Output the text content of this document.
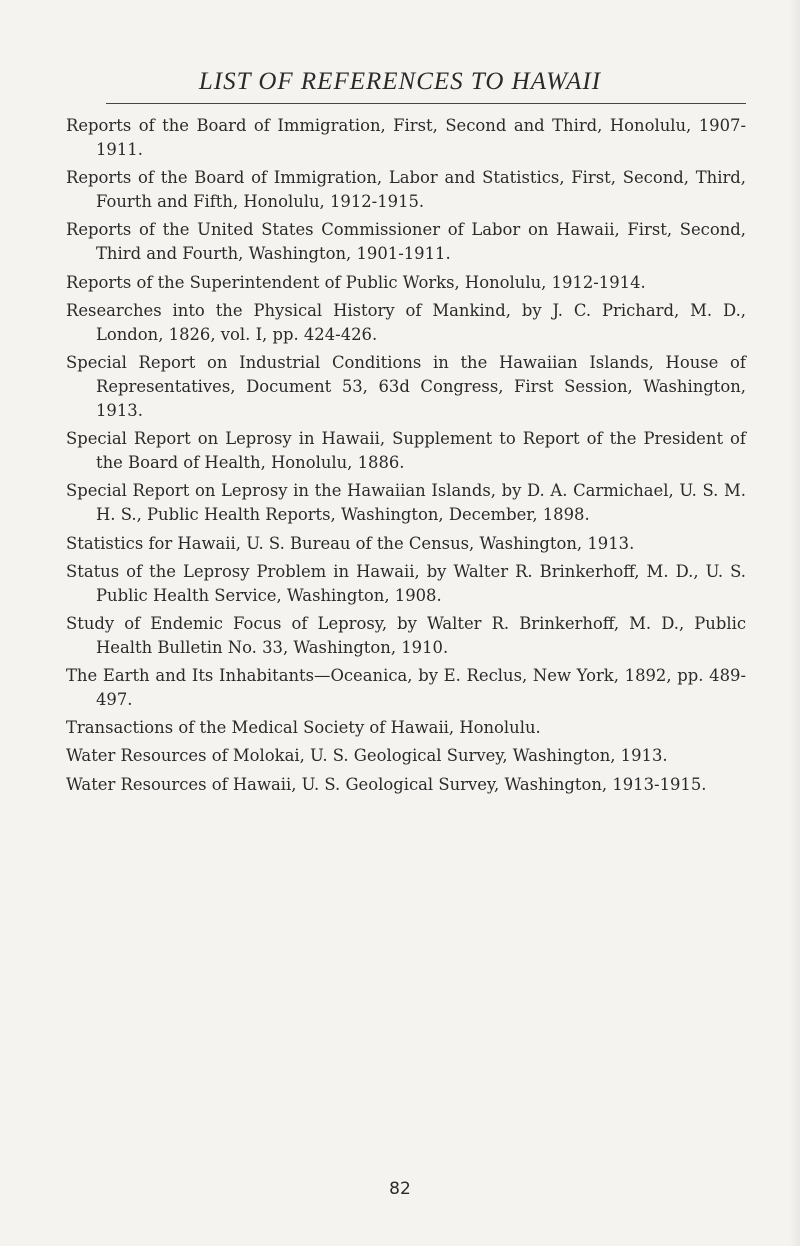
LIST OF REFERENCES TO HAWAII
Reports of the Board of Immigration, First, Second and Third, Honolulu, 1907-1911.
Reports of the Board of Immigration, Labor and Statistics, First, Second, Third, Fourth and Fifth, Honolulu, 1912-1915.
Reports of the United States Commissioner of Labor on Hawaii, First, Second, Third and Fourth, Washington, 1901-1911.
Reports of the Superintendent of Public Works, Honolulu, 1912-1914.
Researches into the Physical History of Mankind, by J. C. Prichard, M. D., London, 1826, vol. I, pp. 424-426.
Special Report on Industrial Conditions in the Hawaiian Islands, House of Representatives, Document 53, 63d Congress, First Session, Washington, 1913.
Special Report on Leprosy in Hawaii, Supplement to Report of the President of the Board of Health, Honolulu, 1886.
Special Report on Leprosy in the Hawaiian Islands, by D. A. Carmichael, U. S. M. H. S., Public Health Reports, Washington, December, 1898.
Statistics for Hawaii, U. S. Bureau of the Census, Washington, 1913.
Status of the Leprosy Problem in Hawaii, by Walter R. Brinkerhoff, M. D., U. S. Public Health Service, Washington, 1908.
Study of Endemic Focus of Leprosy, by Walter R. Brinkerhoff, M. D., Public Health Bulletin No. 33, Washington, 1910.
The Earth and Its Inhabitants—Oceanica, by E. Reclus, New York, 1892, pp. 489-497.
Transactions of the Medical Society of Hawaii, Honolulu.
Water Resources of Molokai, U. S. Geological Survey, Washington, 1913.
Water Resources of Hawaii, U. S. Geological Survey, Washington, 1913-1915.
82
